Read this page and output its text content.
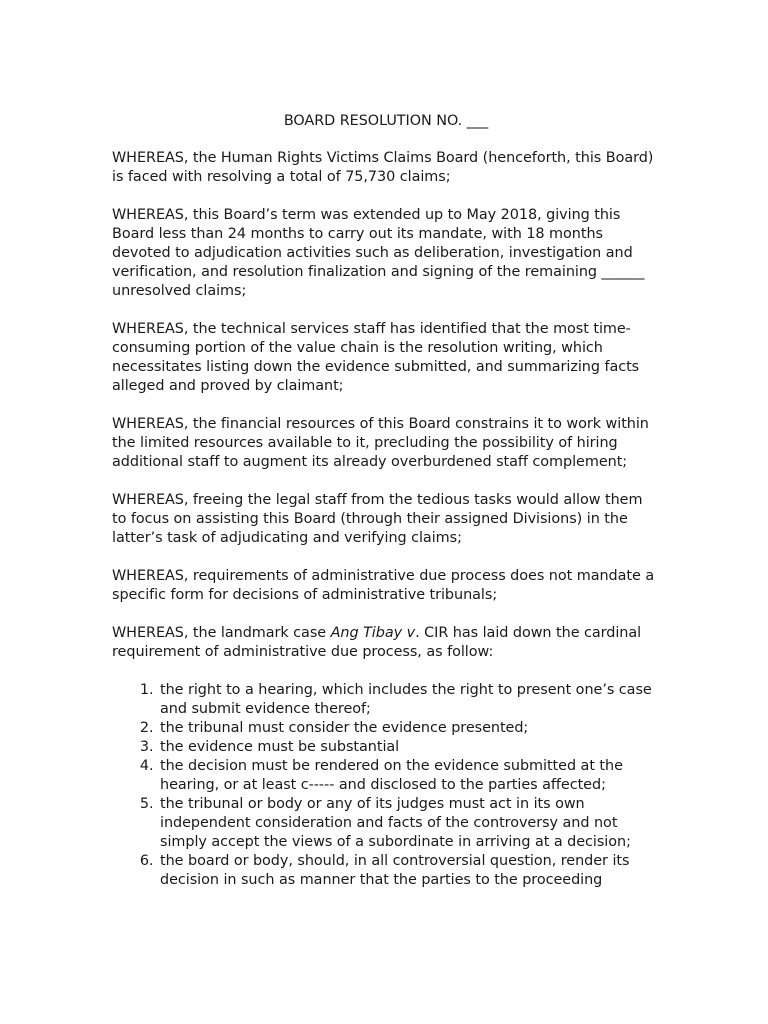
BOARD RESOLUTION NO. ___

WHEREAS, the Human Rights Victims Claims Board (henceforth, this Board) is faced with resolving a total of 75,730 claims;

WHEREAS, this Board’s term was extended up to May 2018, giving this Board less than 24 months to carry out its mandate, with 18 months devoted to adjudication activities such as deliberation, investigation and verification, and resolution finalization and signing of the remaining ______ unresolved claims;

WHEREAS, the technical services staff has identified that the most time-consuming portion of the value chain is the resolution writing, which necessitates listing down the evidence submitted, and summarizing facts alleged and proved by claimant;

WHEREAS, the financial resources of this Board constrains it to work within the limited resources available to it, precluding the possibility of hiring additional staff to augment its already overburdened staff complement;

WHEREAS, freeing the legal staff from the tedious tasks would allow them to focus on assisting this Board (through their assigned Divisions) in the latter’s task of adjudicating and verifying claims;

WHEREAS, requirements of administrative due process does not mandate a specific form for decisions of administrative tribunals;

WHEREAS, the landmark case Ang Tibay v. CIR has laid down the cardinal requirement of administrative due process, as follow:

1. the right to a hearing, which includes the right to present one’s case and submit evidence thereof;
2. the tribunal must consider the evidence presented;
3. the evidence must be substantial
4. the decision must be rendered on the evidence submitted at the hearing, or at least c----- and disclosed to the parties affected;
5. the tribunal or body or any of its judges must act in its own independent consideration and facts of the controversy and not simply accept the views of a subordinate in arriving at a decision;
6. the board or body, should, in all controversial question, render its decision in such as manner that the parties to the proceeding
